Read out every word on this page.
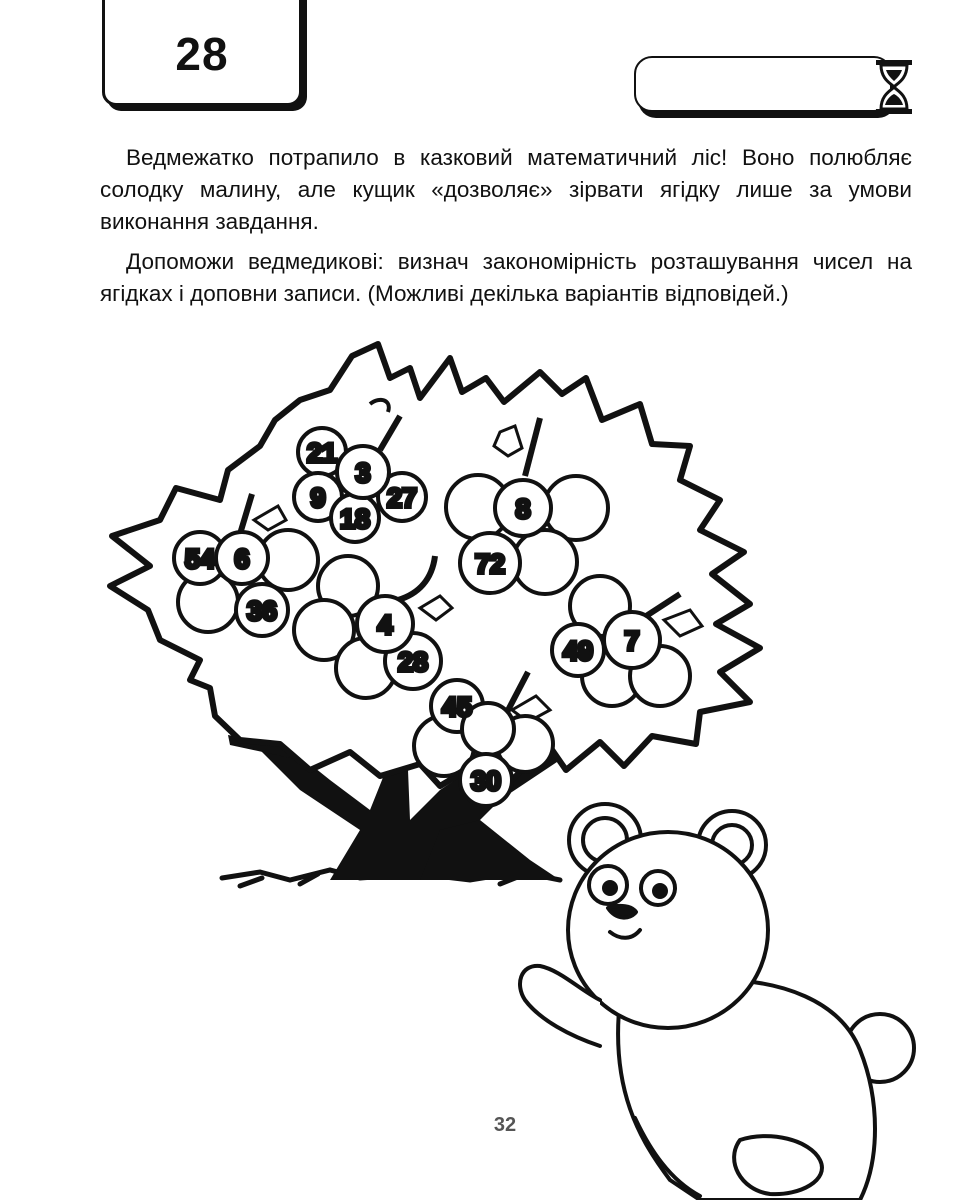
28

Ведмежатко потрапило в казковий математичний ліс! Воно полюбляє солодку малину, але кущик «дозволяє» зірвати ягідку лише за умови виконання завдання.

Допоможи ведмедикові: визнач закономірність розташування чисел на ягідках і доповни записи. (Можливі декілька варіантів відповідей.)

21
3
9
18
27	8
72
54 6
36	4
28	49 7
45
30
32
